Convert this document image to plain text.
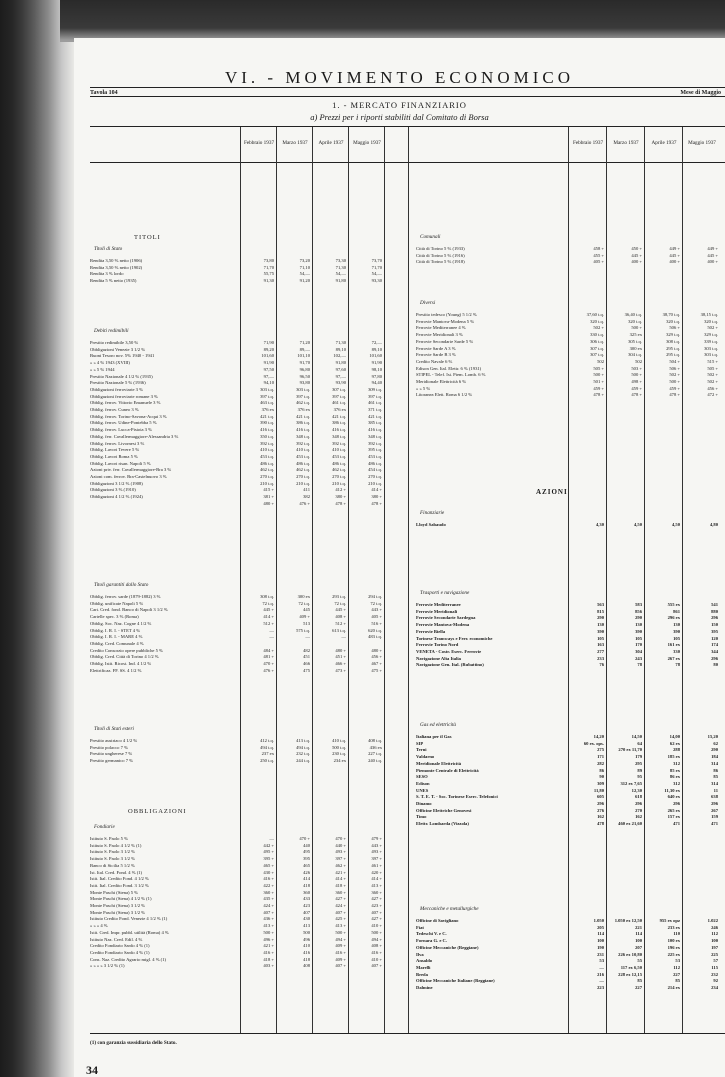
VI. - MOVIMENTO ECONOMICO
Tavola 104	Mese di Maggio
1. - MERCATO FINANZIARIO
a) Prezzi per i riporti stabiliti dal Comitato di Borsa
Febbraio 1937	Marzo 1937	Aprile 1937	Maggio 1937	Febbraio 1937	Marzo 1937	Aprile 1937	Maggio 1937
TITOLI
Titoli di Stato
Rendita 3,50 % netto (1906)	73,80	73,20	73,30	73,70
Rendita 3,50 % netto (1902)	71,70	71,10	71,30	71,70
Rendita 3 % lordo	55,75	54,—	54,—	54,—
Rendita 5 % netto (1935)	91,30	91,20	91,80	93,30
Debiti redimibili
Prestito redimibile 3,50 %	71,90	71,20	71,30	72,—
Obbligazioni Venezie 3 1/2 %	89,20	89,—	89,10	89,10
Buoni Tesoro nov. 5% 1940 - 1941	101,60	101,10	102,—	101,60
» » 4 % 1943 (XVIII)	91,90	91,70	91,80	91,90
» » 5 % 1944	97,50	96,80	97,60	98,10
Prestito Nazionale 4 1/2 % (1935)	97,—	96,50	97,—	97,80
Prestito Nazionale 5 % (1936)	94,10	93,80	93,90	94,40
Obbligazioni ferroviarie 3 %	303 t.q.	303 t.q.	307 t.q.	309 t.q.
Obbligazioni ferroviarie romane 3 %	397 t.q.	397 t.q.	397 t.q.	397 t.q.
Obblig. ferrov. Vittorio Emanuele 3 %	463 t.q.	462 t.q.	461 t.q.	461 t.q.
Obblig. ferrov. Cuneo 3 %	376 ex	376 ex	376 ex	371 t.q.
Obblig. ferrov. Torino-Savona-Acqui 3 %	421 t.q.	421 t.q.	421 t.q.	421 t.q.
Obblig. ferrov. Udine-Pontebba 5 %	390 t.q.	386 t.q.	386 t.q.	385 t.q.
Obblig. ferrov. Lucca-Pistoia 3 %	416 t.q.	416 t.q.	416 t.q.	416 t.q.
Obblig. ferr. Cavallermaggiore-Alessandria 3 %	350 t.q.	348 t.q.	348 t.q.	348 t.q.
Obblig. ferrov. Livornesi 3 %	392 t.q.	392 t.q.	392 t.q.	392 t.q.
Obblig. Lavori Tevere 5 %	410 t.q.	410 t.q.	410 t.q.	395 t.q.
Obblig. Lavori Roma 5 %	453 t.q.	453 t.q.	453 t.q.	453 t.q.
Obblig. Lavori risan. Napoli 5 %	486 t.q.	486 t.q.	486 t.q.	486 t.q.
Azioni priv. ferr. Cavallermaggiore-Bra 3 %	462 t.q.	462 t.q.	462 t.q.	454 t.q.
Azioni com. ferrov. Bra-Castelnuovo 3 %	270 t.q.	270 t.q.	270 t.q.	270 t.q.
Obbligazioni 3 1/2 % (1908)	210 t.q.	210 t.q.	210 t.q.	210 t.q.
Obbligazioni 3 % (1910)	415 +	411	412 +	414 +
Obbligazioni 4 1/2 % (1924)	381 +	382	380 +	380 +
480 +	476 +	478 +	478 +
Titoli garantiti dallo Stato
Obblig. ferrov. sarde (1879-1882) 3 %	308 t.q.	300 ex	293 t.q.	294 t.q.
Obblig. unificate Napoli 5 %	72 t.q.	72 t.q.	72 t.q.	72 t.q.
Cart. Cred. fond. Banco di Napoli 3 1/2 %	445 +	445	445 +	443 +
Cartelle spec. 3 % (Roma)	414 +	409 +	408 +	405 +
Obblig. Soc. Naz. Cogne 4 1/2 %	512 +	513	512 +	516 +
Obblig. I. R. I. - STET 4 %	—	575 t.q.	613 t.q.	620 t.q.
Obblig. I. R. I. - MARE 4 %	—	—	—	483 t.q.
Obblig. Cred. Comunale 4 %
Credito Consorzio opere pubbliche 5 %	484 +	482	480 +	480 +
Obblig. Cred. Città di Torino 4 1/2 %	481 +	451	451 +	456 +
Obblig. Istit. Ricost. Ind. 4 1/2 %	470 +	466	466 +	467 +
Elettrificaz. FF. SS. 4 1/2 %	476 +	475	473 +	475 +
Titoli di Stati esteri
Prestito austriaco 4 1/2 %	412 t.q.	413 t.q.	410 t.q.	408 t.q.
Prestito polacco 7 %	494 t.q.	494 t.q.	500 t.q.	436 ex
Prestito ungherese 7 %	237 ex	232 t.q.	230 t.q.	227 t.q.
Prestito germanico 7 %	250 t.q.	244 t.q.	234 ex	240 t.q.
Fondiarie
Istituto S. Paolo 5 %	—	470 +	470 +	479 +
Istituto S. Paolo 4 1/2 % (1)	442 +	440	440 +	443 +
Istituto S. Paolo 3 1/2 %	495 +	495	493 +	493 +
Istituto S. Paolo 3 1/2 %	395 +	395	397 +	397 +
Banco di Sicilia 5 1/2 %	465 +	465	462 +	461 +
Ist. Ital. Cred. Fond. 4 % (1)	430 +	426	421 +	420 +
Istit. Ital. Credito Fond. 4 1/2 %	416 +	414	414 +	414 +
Istit. Ital. Credito Fond. 3 1/2 %	422 +	418	418 +	413 +
Monte Paschi (Siena) 5 %	360 +	360	360 +	360 +
Monte Paschi (Siena) 4 1/2 % (1)	435 +	433	427 +	427 +
Monte Paschi (Siena) 3 1/2 %	424 +	423	424 +	423 +
Monte Paschi (Siena) 3 1/2 %	407 +	407	407 +	407 +
Istituto Credito Fond. Venezie 4 1/2 % (1)	436 +	430	425 +	427 +
» » » 4 %	413 +	413	413 +	410 +
Istit. Cred. Impr. pubbl. utilità (Roma) 4 %	500 +	500	500 +	500 +
Istituto Naz. Cred. Edil. 4 %	496 +	496	494 +	494 +
Credito Fondiario Sardo 4 % (1)	421 +	410	409 +	408 +
Credito Fondiario Sardo 4 % (1)	416 +	416	416 +	416 +
Cons. Naz. Credito Agrario migl. 4 % (1)	418 +	418	409 +	410 +
» » » » 3 1/2 % (1)	403 +	408	407 +	407 +
OBBLIGAZIONI
Comunali
Città di Torino 5 % (1933)	458 +	450 +	449 +	449 +
Città di Torino 5 % (1916)	455 +	445 +	445 +	445 +
Città di Torino 5 % (1918)	405 +	400 +	400 +	400 +
Diversi
Prestito tedesco (Young) 5 1/2 %	37,60 t.q.	36,40 t.q.	38,70 t.q.	38,15 t.q.
Ferrovie Mantova-Modena 5 %	320 t.q.	320 t.q.	320 t.q.	320 t.q.
Ferrovie Mediterranee 4 %	502 +	500 +	506 +	502 +
Ferrovie Meridionali 3 %	330 t.q.	325 ex	329 t.q.	329 t.q.
Ferrovie Secondarie Sarde 5 %	306 t.q.	305 t.q.	308 t.q.	339 t.q.
Ferrovie Sarde A 3 %	307 t.q.	300 ex	295 t.q.	303 t.q.
Ferrovie Sarde B 3 %	307 t.q.	304 t.q.	295 t.q.	303 t.q.
Credito Navale 6 %	502	502	504 +	515 +
Edison Gen. Ital. Elettr. 6 % (1931)	505 +	503 +	506 +	505 +
STIPEL - Telef. Ist. Piem. Lomb. 6 %	500 +	500 +	502 +	502 +
Meridionale Elettricità 6 %	501 +	498 +	500 +	502 +
» » 5 %	459 +	459 +	459 +	456 +
Litoranea Elett. Roma 6 1/2 %	478 +	478 +	478 +	472 +
Finanziarie
Lloyd Sabaudo	4,30	4,50	4,50	4,80
Trasporti e navigazione
Ferrovie Mediterranee	563	583	555 ex	541
Ferrovie Meridionali	815	856	861	880
Ferrovie Secondarie Sardegna	290	290	296 ex	296
Ferrovie Mantova-Modena	130	130	130	150
Ferrovie Biella	390	390	390	395
Torinese Tramways e Ferr. economiche	105	105	105	120
Ferrovie Torino Nord	163	170	161 ex	174
VENETA - Costr. Eserc. Ferrovie	277	304	330	344
Navigazione Alta Italia	233	243	267 ex	296
Navigazione Gen. Ital. (Rubattino)	76	78	78	80
Gas ed elettricità
Italiana per il Gas	14,20	14,50	14,00	15,20
SIP	60 ex. ops.	64	62 ex	62
Terni	275	270 ex 11,70	288	290
Valdarno	171	179	185 ex	184
Meridionale Elettricità	282	295	312	314
Piemonte Centrale di Elettricità	86	89	85 ex	86
SESO	90	95	86 ex	85
Edison	309	312 ex 7,65	312	314
UNES	11,80	12,30	11,30 ex	11
S. T. E. T. - Soc. Torinese Eserc. Telefonici	605	618	640 ex	638
Dinamo	296	296	296	296
Officine Elettriche Genovesi	276	270	265 ex	267
Timo	162	162	157 ex	159
Elettr. Lombarda (Vizzola)	478	460 ex 21,60	471	471
Meccaniche e metallurgiche
Officine di Savigliano	1.050	1.050 ex 12,50	955 ex opz	1.022
Fiat	205	221	233 ex	246
Tedeschi V. e C.	114	114	110	112
Fornara G. e C.	100	100	100 ex	100
Officine Meccaniche (Reggiane)	190	207	196 ex	197
Ilva	231	226 ex 10,80	225 ex	225
Ansaldo	53	55	53	57
Marelli	—	117 ex 6,50	112	115
Breda	216	228 ex 12,15	227	232
Officine Meccaniche Italiane (Reggiane)	—	85	85	92
Dalmine	223	227	214 ex	234
AZIONI
(1) con garanzia sussidiaria dello Stato.
34
